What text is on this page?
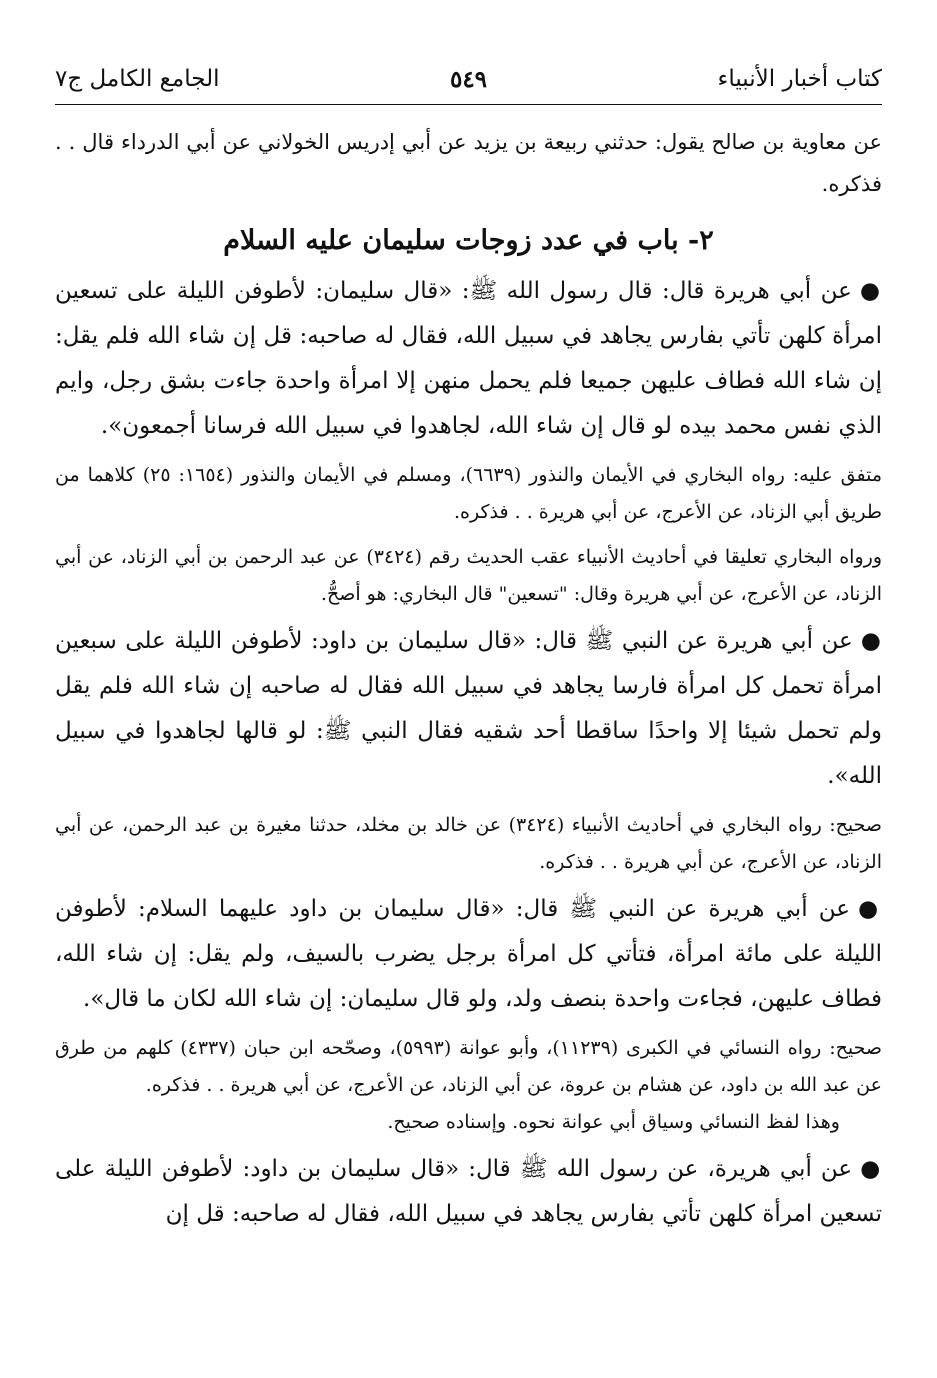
كتاب أخبار الأنبياء
٥٤٩
الجامع الكامل ج٧

عن معاوية بن صالح يقول: حدثني ربيعة بن يزيد عن أبي إدريس الخولاني عن أبي الدرداء قال . . فذكره.

٢- باب في عدد زوجات سليمان عليه السلام

●عن أبي هريرة قال: قال رسول الله ﷺ: «قال سليمان: لأطوفن الليلة على تسعين امرأة كلهن تأتي بفارس يجاهد في سبيل الله، فقال له صاحبه: قل إن شاء الله فلم يقل: إن شاء الله فطاف عليهن جميعا فلم يحمل منهن إلا امرأة واحدة جاءت بشق رجل، وايم الذي نفس محمد بيده لو قال إن شاء الله، لجاهدوا في سبيل الله فرسانا أجمعون».

متفق عليه: رواه البخاري في الأيمان والنذور (٦٦٣٩)، ومسلم في الأيمان والنذور (١٦٥٤: ٢٥) كلاهما من طريق أبي الزناد، عن الأعرج، عن أبي هريرة . . فذكره.

ورواه البخاري تعليقا في أحاديث الأنبياء عقب الحديث رقم (٣٤٢٤) عن عبد الرحمن بن أبي الزناد، عن أبي الزناد، عن الأعرج، عن أبي هريرة وقال: "تسعين" قال البخاري: هو أصحُّ.

●عن أبي هريرة عن النبي ﷺ قال: «قال سليمان بن داود: لأطوفن الليلة على سبعين امرأة تحمل كل امرأة فارسا يجاهد في سبيل الله فقال له صاحبه إن شاء الله فلم يقل ولم تحمل شيئا إلا واحدًا ساقطا أحد شقيه فقال النبي ﷺ: لو قالها لجاهدوا في سبيل الله».

صحيح: رواه البخاري في أحاديث الأنبياء (٣٤٢٤) عن خالد بن مخلد، حدثنا مغيرة بن عبد الرحمن، عن أبي الزناد، عن الأعرج، عن أبي هريرة . . فذكره.

●عن أبي هريرة عن النبي ﷺ قال: «قال سليمان بن داود عليهما السلام: لأطوفن الليلة على مائة امرأة، فتأتي كل امرأة برجل يضرب بالسيف، ولم يقل: إن شاء الله، فطاف عليهن، فجاءت واحدة بنصف ولد، ولو قال سليمان: إن شاء الله لكان ما قال».

صحيح: رواه النسائي في الكبرى (١١٢٣٩)، وأبو عوانة (٥٩٩٣)، وصحّحه ابن حبان (٤٣٣٧) كلهم من طرق عن عبد الله بن داود، عن هشام بن عروة، عن أبي الزناد، عن الأعرج، عن أبي هريرة . . فذكره.

وهذا لفظ النسائي وسياق أبي عوانة نحوه. وإسناده صحيح.

●عن أبي هريرة، عن رسول الله ﷺ قال: «قال سليمان بن داود: لأطوفن الليلة على تسعين امرأة كلهن تأتي بفارس يجاهد في سبيل الله، فقال له صاحبه: قل إن
